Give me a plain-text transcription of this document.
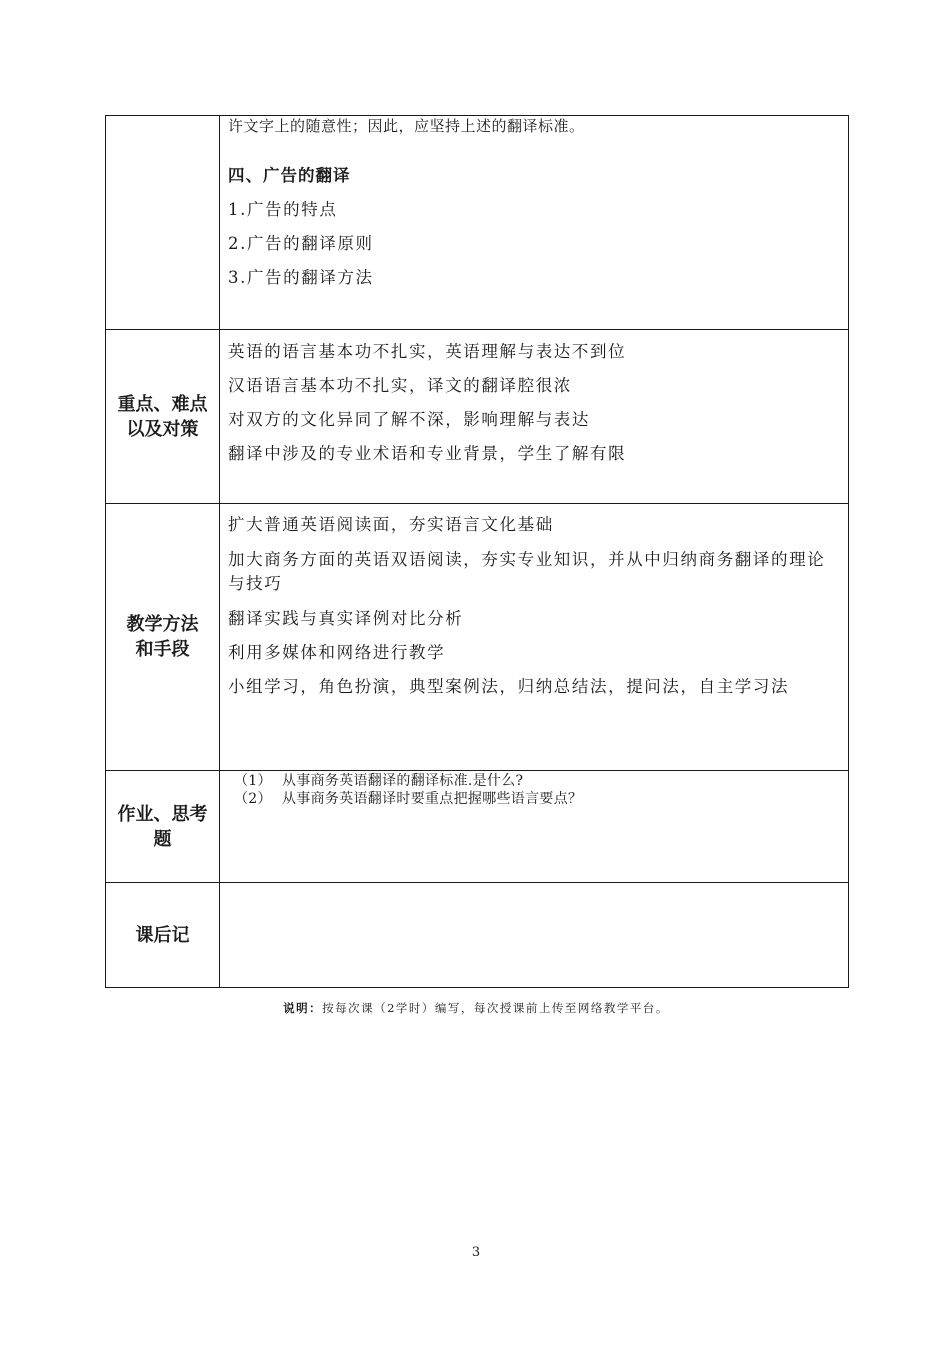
	许文字上的随意性；因此，应坚持上述的翻译标准。
四、广告的翻译
1.广告的特点
2.广告的翻译原则
3.广告的翻译方法

重点、难点
以及对策	英语的语言基本功不扎实，英语理解与表达不到位
汉语语言基本功不扎实，译文的翻译腔很浓
对双方的文化异同了解不深，影响理解与表达
翻译中涉及的专业术语和专业背景，学生了解有限

教学方法
和手段	扩大普通英语阅读面，夯实语言文化基础
加大商务方面的英语双语阅读，夯实专业知识，并从中归纳商务翻译的理论与技巧
翻译实践与真实译例对比分析
利用多媒体和网络进行教学
小组学习，角色扮演，典型案例法，归纳总结法，提问法，自主学习法

作业、思考
题	（1） 从事商务英语翻译的翻译标准.是什么?
（2） 从事商务英语翻译时要重点把握哪些语言要点？

课后记	
说明：按每次课（2学时）编写，每次授课前上传至网络教学平台。
3
